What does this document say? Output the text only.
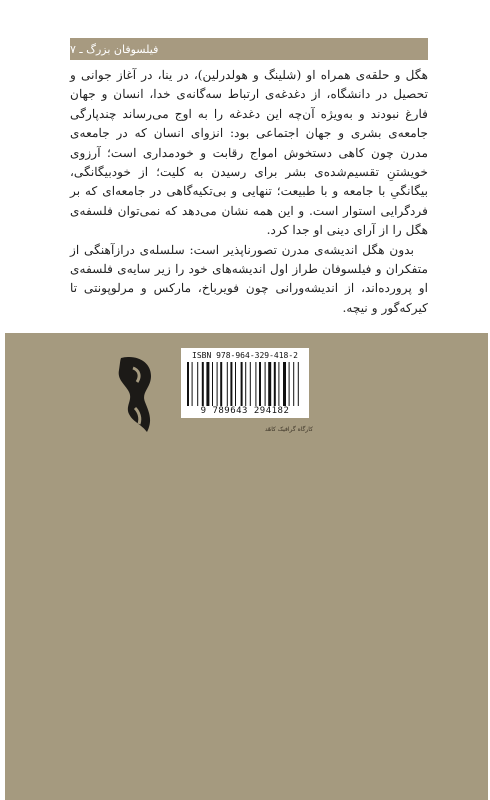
فیلسوفان بزرگ ـ ۷

هگل و حلقه‌ی همراه او (شلینگ و هولدرلین)، در ینا، در آغاز جوانی و تحصیل در دانشگاه، از دغدغه‌ی ارتباط سه‌گانه‌ی خدا، انسان و جهان فارغ نبودند و به‌ویژه آن‌چه این دغدغه را به اوج می‌رساند چندپارگی جامعه‌ی بشری و جهان اجتماعی بود: انزوای انسان که در جامعه‌ی مدرن چون کاهی دستخوش امواج رقابت و خودمداری است؛ آرزوی خویشتنِ تقسیم‌شده‌ی بشر برای رسیدن به کلیت؛ از خودبیگانگی، بیگانگیِ با جامعه و با طبیعت؛ تنهایی و بی‌تکیه‌گاهی در جامعه‌ای که بر فردگرایی استوار است. و این همه نشان می‌دهد که نمی‌توان فلسفه‌ی هگل را از آرای دینی او جدا کرد.

بدون هگل اندیشه‌ی مدرن تصورناپذیر است: سلسله‌ی درازآهنگی از متفکران و فیلسوفان طراز اول اندیشه‌های خود را زیر سایه‌ی فلسفه‌ی او پرورده‌اند، از اندیشه‌ورانی چون فویرباخ، مارکس و مرلوپونتی تا کیرکه‌گور و نیچه.

ISBN 978-964-329-418-2
9 789643 294182
کارگاه گرافیک کاهَد
